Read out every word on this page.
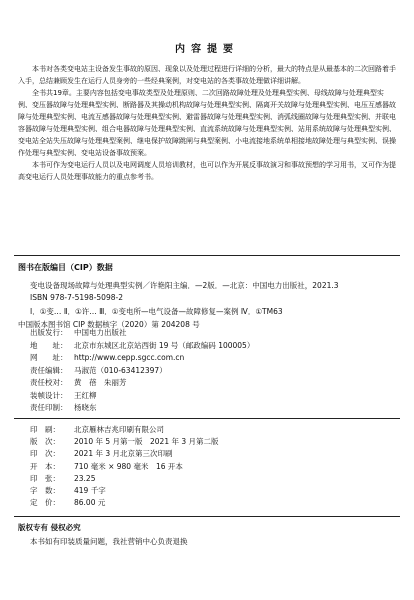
内容提要

本书对各类变电站主设备发生事故的原因、现象以及处理过程进行详细的分析，最大的特点是从最基本的二次回路着手入手，总结兼顾发生在运行人员身旁的一些经典案例，对变电站的各类事故处理做详细讲解。

全书共19章。主要内容包括变电事故类型及处理原则、二次回路故障处理及处理典型实例、母线故障与处理典型实例、变压器故障与处理典型实例、断路器及其操动机构故障与处理典型实例、隔离开关故障与处理典型实例、电压互感器故障与处理典型实例、电流互感器故障与处理典型实例、避雷器故障与处理典型实例、消弧线圈故障与处理典型实例、并联电容器故障与处理典型实例、组合电器故障与处理典型实例、直流系统故障与处理典型实例、站用系统故障与处理典型实例、变电站全站失压故障与处理典型案例、继电保护故障跳闸与典型案例、小电流接地系统单相接地故障处理与典型实例、误操作处理与典型实例、变电站设备事故预案。

本书可作为变电运行人员以及电网调度人员培训教材，也可以作为开展反事故演习和事故预想的学习用书，又可作为提高变电运行人员处理事故能力的重点参考书。

图书在版编目（CIP）数据
变电设备现场故障与处理典型实例／许艳阳主编．—2版．—北京：中国电力出版社，2021.3
ISBN 978-7-5198-5098-2
Ⅰ．①变… Ⅱ．①许… Ⅲ．①变电所—电气设备—故障修复—案例 Ⅳ．①TM63
中国版本图书馆 CIP 数据核字（2020）第 204208 号
出版发行： 中国电力出版社
地　　址： 北京市东城区北京站西街 19 号（邮政编码 100005）
网　　址： http://www.cepp.sgcc.com.cn
责任编辑： 马淑范（010-63412397）
责任校对： 黄　蓓　朱丽芳
装帧设计： 王红柳
责任印制： 杨晓东
印　刷：	北京雁林吉兆印刷有限公司
版　次：	2010 年 5 月第一版　2021 年 3 月第二版
印　次：	2021 年 3 月北京第三次印刷
开　本：	710 毫米 × 980 毫米　16 开本
印　张：	23.25
字　数：	419 千字
定　价：	86.00 元
版权专有 侵权必究
本书如有印装质量问题，我社营销中心负责退换
